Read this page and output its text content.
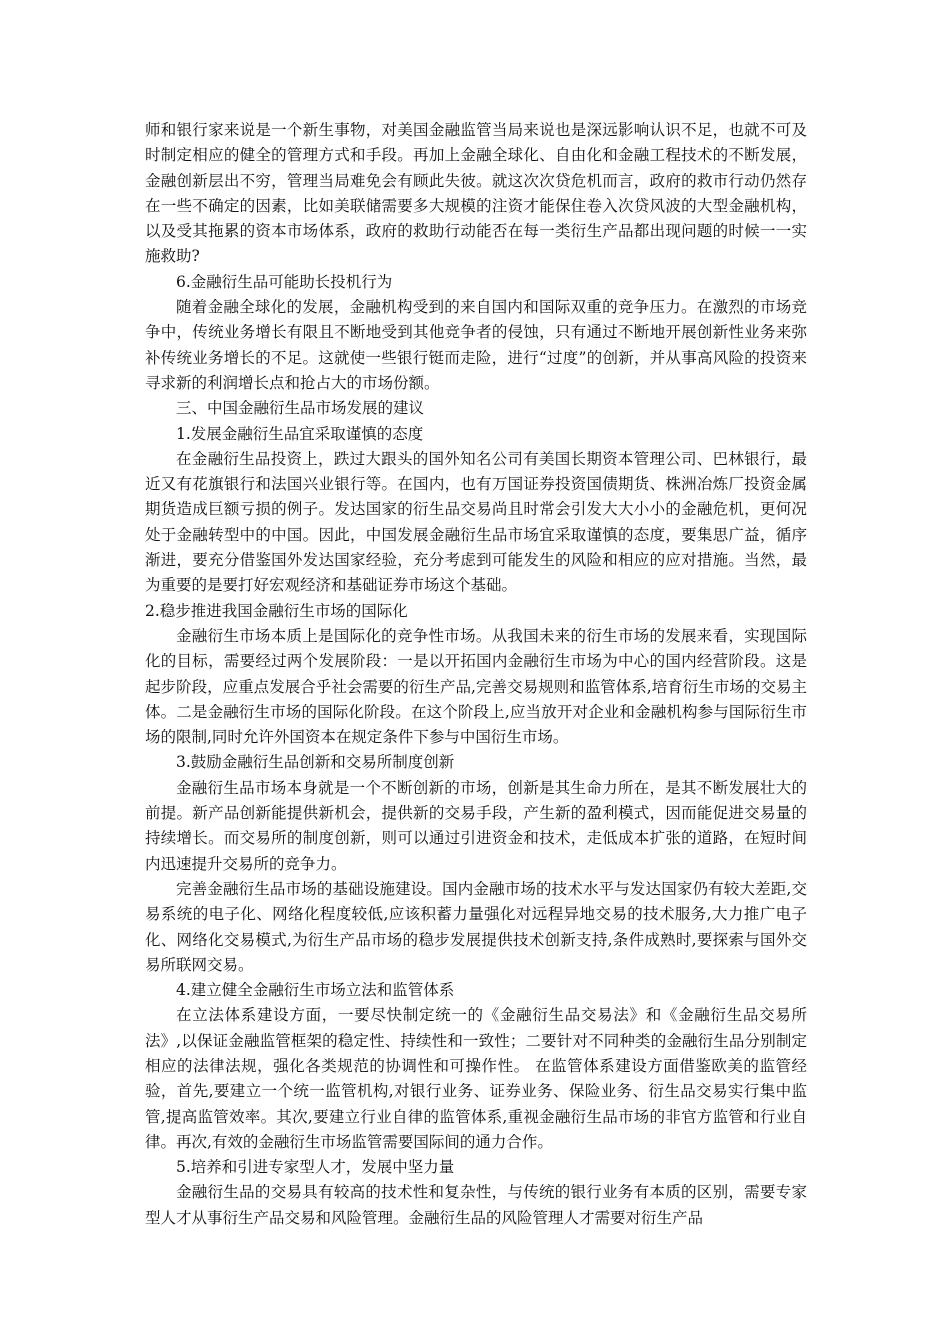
师和银行家来说是一个新生事物，对美国金融监管当局来说也是深远影响认识不足，也就不可及时制定相应的健全的管理方式和手段。再加上金融全球化、自由化和金融工程技术的不断发展，金融创新层出不穷，管理当局难免会有顾此失彼。就这次次贷危机而言，政府的救市行动仍然存在一些不确定的因素，比如美联储需要多大规模的注资才能保住卷入次贷风波的大型金融机构，以及受其拖累的资本市场体系，政府的救助行动能否在每一类衍生产品都出现问题的时候一一实施救助?

6.金融衍生品可能助长投机行为

随着金融全球化的发展，金融机构受到的来自国内和国际双重的竞争压力。在激烈的市场竞争中，传统业务增长有限且不断地受到其他竞争者的侵蚀，只有通过不断地开展创新性业务来弥补传统业务增长的不足。这就使一些银行铤而走险，进行“过度”的创新，并从事高风险的投资来寻求新的利润增长点和抢占大的市场份额。

三、中国金融衍生品市场发展的建议

1.发展金融衍生品宜采取谨慎的态度

在金融衍生品投资上，跌过大跟头的国外知名公司有美国长期资本管理公司、巴林银行，最近又有花旗银行和法国兴业银行等。在国内，也有万国证券投资国债期货、株洲冶炼厂投资金属期货造成巨额亏损的例子。发达国家的衍生品交易尚且时常会引发大大小小的金融危机，更何况处于金融转型中的中国。因此，中国发展金融衍生品市场宜采取谨慎的态度，要集思广益，循序渐进，要充分借鉴国外发达国家经验，充分考虑到可能发生的风险和相应的应对措施。当然，最为重要的是要打好宏观经济和基础证券市场这个基础。

2.稳步推进我国金融衍生市场的国际化

金融衍生市场本质上是国际化的竞争性市场。从我国未来的衍生市场的发展来看，实现国际化的目标，需要经过两个发展阶段：一是以开拓国内金融衍生市场为中心的国内经营阶段。这是起步阶段，应重点发展合乎社会需要的衍生产品,完善交易规则和监管体系,培育衍生市场的交易主体。二是金融衍生市场的国际化阶段。在这个阶段上,应当放开对企业和金融机构参与国际衍生市场的限制,同时允许外国资本在规定条件下参与中国衍生市场。

3.鼓励金融衍生品创新和交易所制度创新

金融衍生品市场本身就是一个不断创新的市场，创新是其生命力所在，是其不断发展壮大的前提。新产品创新能提供新机会，提供新的交易手段，产生新的盈利模式，因而能促进交易量的持续增长。而交易所的制度创新，则可以通过引进资金和技术，走低成本扩张的道路，在短时间内迅速提升交易所的竞争力。

完善金融衍生品市场的基础设施建设。国内金融市场的技术水平与发达国家仍有较大差距,交易系统的电子化、网络化程度较低,应该积蓄力量强化对远程异地交易的技术服务,大力推广电子化、网络化交易模式,为衍生产品市场的稳步发展提供技术创新支持,条件成熟时,要探索与国外交易所联网交易。

4.建立健全金融衍生市场立法和监管体系

在立法体系建设方面，一要尽快制定统一的《金融衍生品交易法》和《金融衍生品交易所法》,以保证金融监管框架的稳定性、持续性和一致性；二要针对不同种类的金融衍生品分别制定相应的法律法规，强化各类规范的协调性和可操作性。 在监管体系建设方面借鉴欧美的监管经验，首先,要建立一个统一监管机构,对银行业务、证券业务、保险业务、衍生品交易实行集中监管,提高监管效率。其次,要建立行业自律的监管体系,重视金融衍生品市场的非官方监管和行业自律。再次,有效的金融衍生市场监管需要国际间的通力合作。

5.培养和引进专家型人才，发展中坚力量

金融衍生品的交易具有较高的技术性和复杂性，与传统的银行业务有本质的区别，需要专家型人才从事衍生产品交易和风险管理。金融衍生品的风险管理人才需要对衍生产品
